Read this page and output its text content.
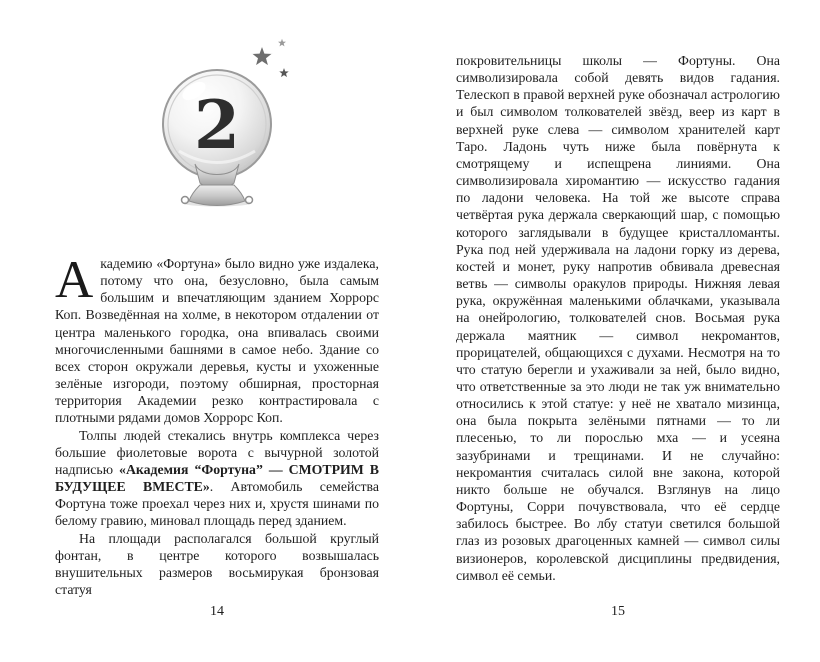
2

Академию «Фортуна» было видно уже издалека, потому что она, безусловно, была самым большим и впечатляющим зданием Хоррорс Коп. Возведённая на холме, в некотором отдалении от центра маленького городка, она впивалась своими многочисленными башнями в самое небо. Здание со всех сторон окружали деревья, кусты и ухоженные зелёные изгороди, поэтому обширная, просторная территория Академии резко контрастировала с плотными рядами домов Хоррорс Коп.

Толпы людей стекались внутрь комплекса через большие фиолетовые ворота с вычурной золотой надписью «Академия “Фортуна” — СМОТРИМ В БУДУЩЕЕ ВМЕСТЕ». Автомобиль семейства Фортуна тоже проехал через них и, хрустя шинами по белому гравию, миновал площадь перед зданием.

На площади располагался большой круглый фонтан, в центре которого возвышалась внушительных размеров восьмирукая бронзовая статуя

14

покровительницы школы — Фортуны. Она символизировала собой девять видов гадания. Телескоп в правой верхней руке обозначал астрологию и был символом толкователей звёзд, веер из карт в верхней руке слева — символом хранителей карт Таро. Ладонь чуть ниже была повёрнута к смотрящему и испещрена линиями. Она символизировала хиромантию — искусство гадания по ладони человека. На той же высоте справа четвёртая рука держала сверкающий шар, с помощью которого заглядывали в будущее кристалломанты. Рука под ней удерживала на ладони горку из дерева, костей и монет, руку напротив обвивала древесная ветвь — символы оракулов природы. Нижняя левая рука, окружённая маленькими облачками, указывала на онейрологию, толкователей снов. Восьмая рука держала маятник — символ некромантов, прорицателей, общающихся с духами. Несмотря на то что статую берегли и ухаживали за ней, было видно, что ответственные за это люди не так уж внимательно относились к этой статуе: у неё не хватало мизинца, она была покрыта зелёными пятнами — то ли плесенью, то ли порослью мха — и усеяна зазубринами и трещинами. И не случайно: некромантия считалась силой вне закона, которой никто больше не обучался. Взглянув на лицо Фортуны, Сорри почувствовала, что её сердце забилось быстрее. Во лбу статуи светился большой глаз из розовых драгоценных камней — символ силы визионеров, королевской дисциплины предвидения, символ её семьи.

15
